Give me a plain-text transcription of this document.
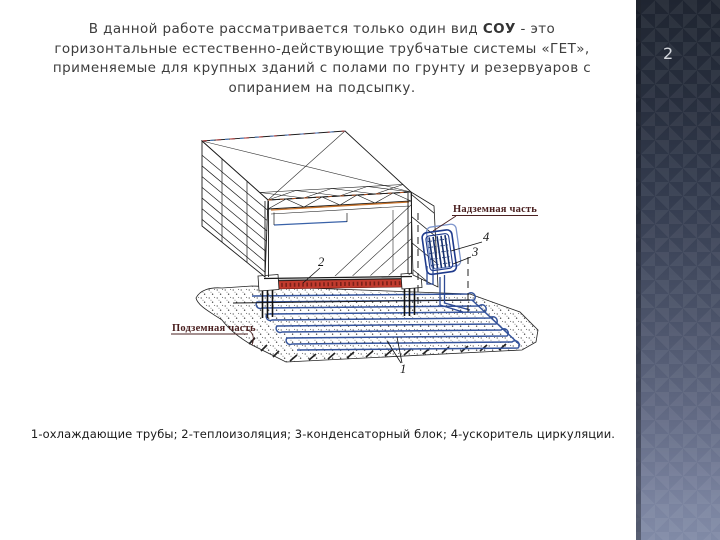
В данной работе рассматривается только один вид СОУ - это
горизонтальные естественно-действующие трубчатые системы «ГЕТ»,
применяемые для крупных зданий с полами по грунту и резервуаров с
опиранием на подсыпку.
Надземная часть
Подземная часть
2
4
3
1
1-охлаждающие трубы; 2-теплоизоляция; 3-конденсаторный блок; 4-ускоритель циркуляции.
2
